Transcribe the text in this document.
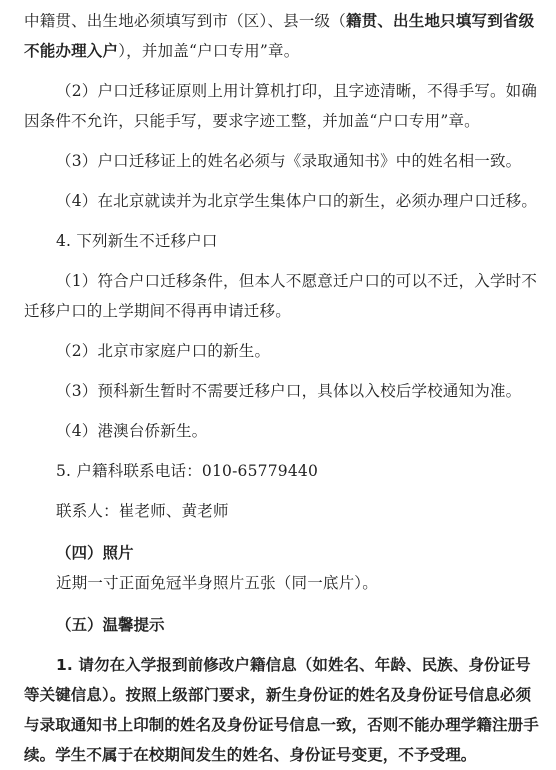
中籍贯、出生地必须填写到市（区）、县一级（籍贯、出生地只填写到省级不能办理入户），并加盖“户口专用”章。

（2）户口迁移证原则上用计算机打印，且字迹清晰，不得手写。如确因条件不允许，只能手写，要求字迹工整，并加盖“户口专用”章。

（3）户口迁移证上的姓名必须与《录取通知书》中的姓名相一致。

（4）在北京就读并为北京学生集体户口的新生，必须办理户口迁移。

4. 下列新生不迁移户口

（1）符合户口迁移条件，但本人不愿意迁户口的可以不迁，入学时不迁移户口的上学期间不得再申请迁移。

（2）北京市家庭户口的新生。

（3）预科新生暂时不需要迁移户口，具体以入校后学校通知为准。

（4）港澳台侨新生。

5. 户籍科联系电话：010-65779440

联系人：崔老师、黄老师

（四）照片

近期一寸正面免冠半身照片五张（同一底片）。

（五）温馨提示

1. 请勿在入学报到前修改户籍信息（如姓名、年龄、民族、身份证号等关键信息）。按照上级部门要求，新生身份证的姓名及身份证号信息必须与录取通知书上印制的姓名及身份证号信息一致，否则不能办理学籍注册手续。学生不属于在校期间发生的姓名、身份证号变更，不予受理。
